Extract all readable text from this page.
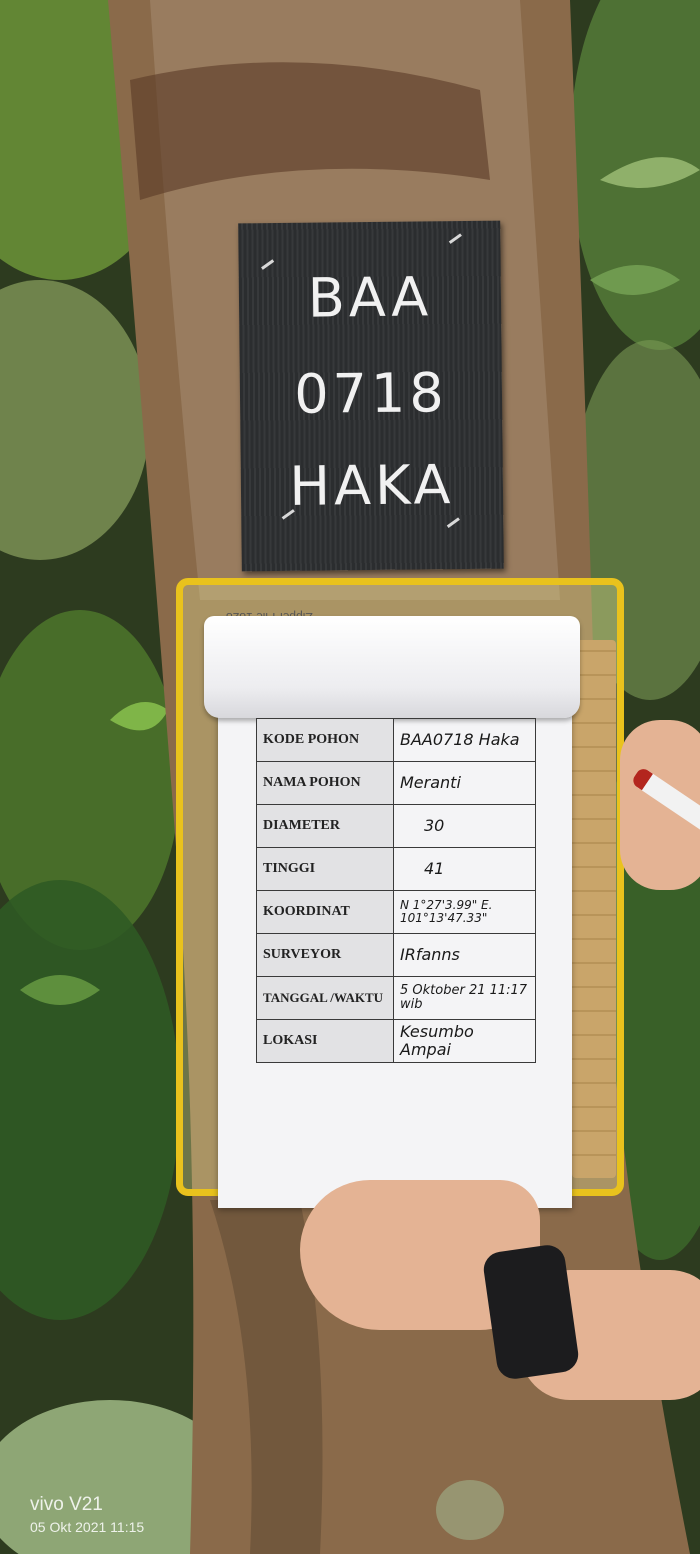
BAA
0718
HAKA
KODE POHON	BAA0718 Haka
NAMA POHON	Meranti
DIAMETER	30
TINGGI	41
KOORDINAT	N 1°27'3.99" E. 101°13'47.33"
SURVEYOR	IRfanns
TANGGAL /WAKTU	5 Oktober 21 11:17 wib
LOKASI	Kesumbo Ampai
vivo V21
05 Okt 2021 11:15
